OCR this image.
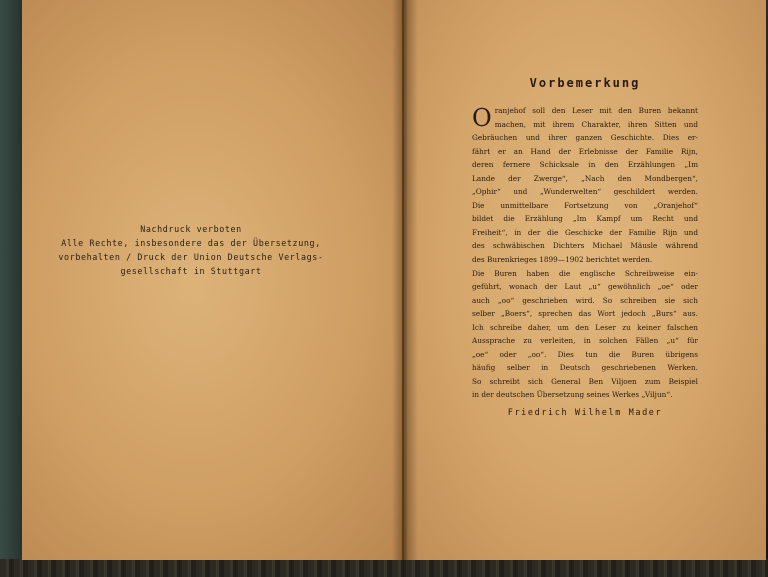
Nachdruck verboten
Alle Rechte, insbesondere das der Übersetzung,
vorbehalten / Druck der Union Deutsche Verlags-
gesellschaft in Stuttgart
Vorbemerkung
O ranjehof soll den Leser mit den Buren bekannt
machen, mit ihrem Charakter, ihren Sitten und
Gebräuchen und ihrer ganzen Geschichte. Dies er-
fährt er an Hand der Erlebnisse der Familie Rijn,
deren fernere Schicksale in den Erzählungen „Im
Lande der Zwerge“, „Nach den Mondbergen“,
„Ophir“ und „Wunderwelten“ geschildert werden.
Die unmittelbare Fortsetzung von „Oranjehof“
bildet die Erzählung „Im Kampf um Recht und
Freiheit“, in der die Geschicke der Familie Rijn und
des schwäbischen Dichters Michael Mäusle während
des Burenkrieges 1899—1902 berichtet werden.
Die Buren haben die englische Schreibweise ein-
geführt, wonach der Laut „u“ gewöhnlich „oe“ oder
auch „oo“ geschrieben wird. So schreiben sie sich
selber „Boers“, sprechen das Wort jedoch „Burs“ aus.
Ich schreibe daher, um den Leser zu keiner falschen
Aussprache zu verleiten, in solchen Fällen „u“ für
„oe“ oder „oo“. Dies tun die Buren übrigens
häufig selber in Deutsch geschriebenen Werken.
So schreibt sich General Ben Viljoen zum Beispiel
in der deutschen Übersetzung seines Werkes „Viljun“.
Friedrich Wilhelm Mader
